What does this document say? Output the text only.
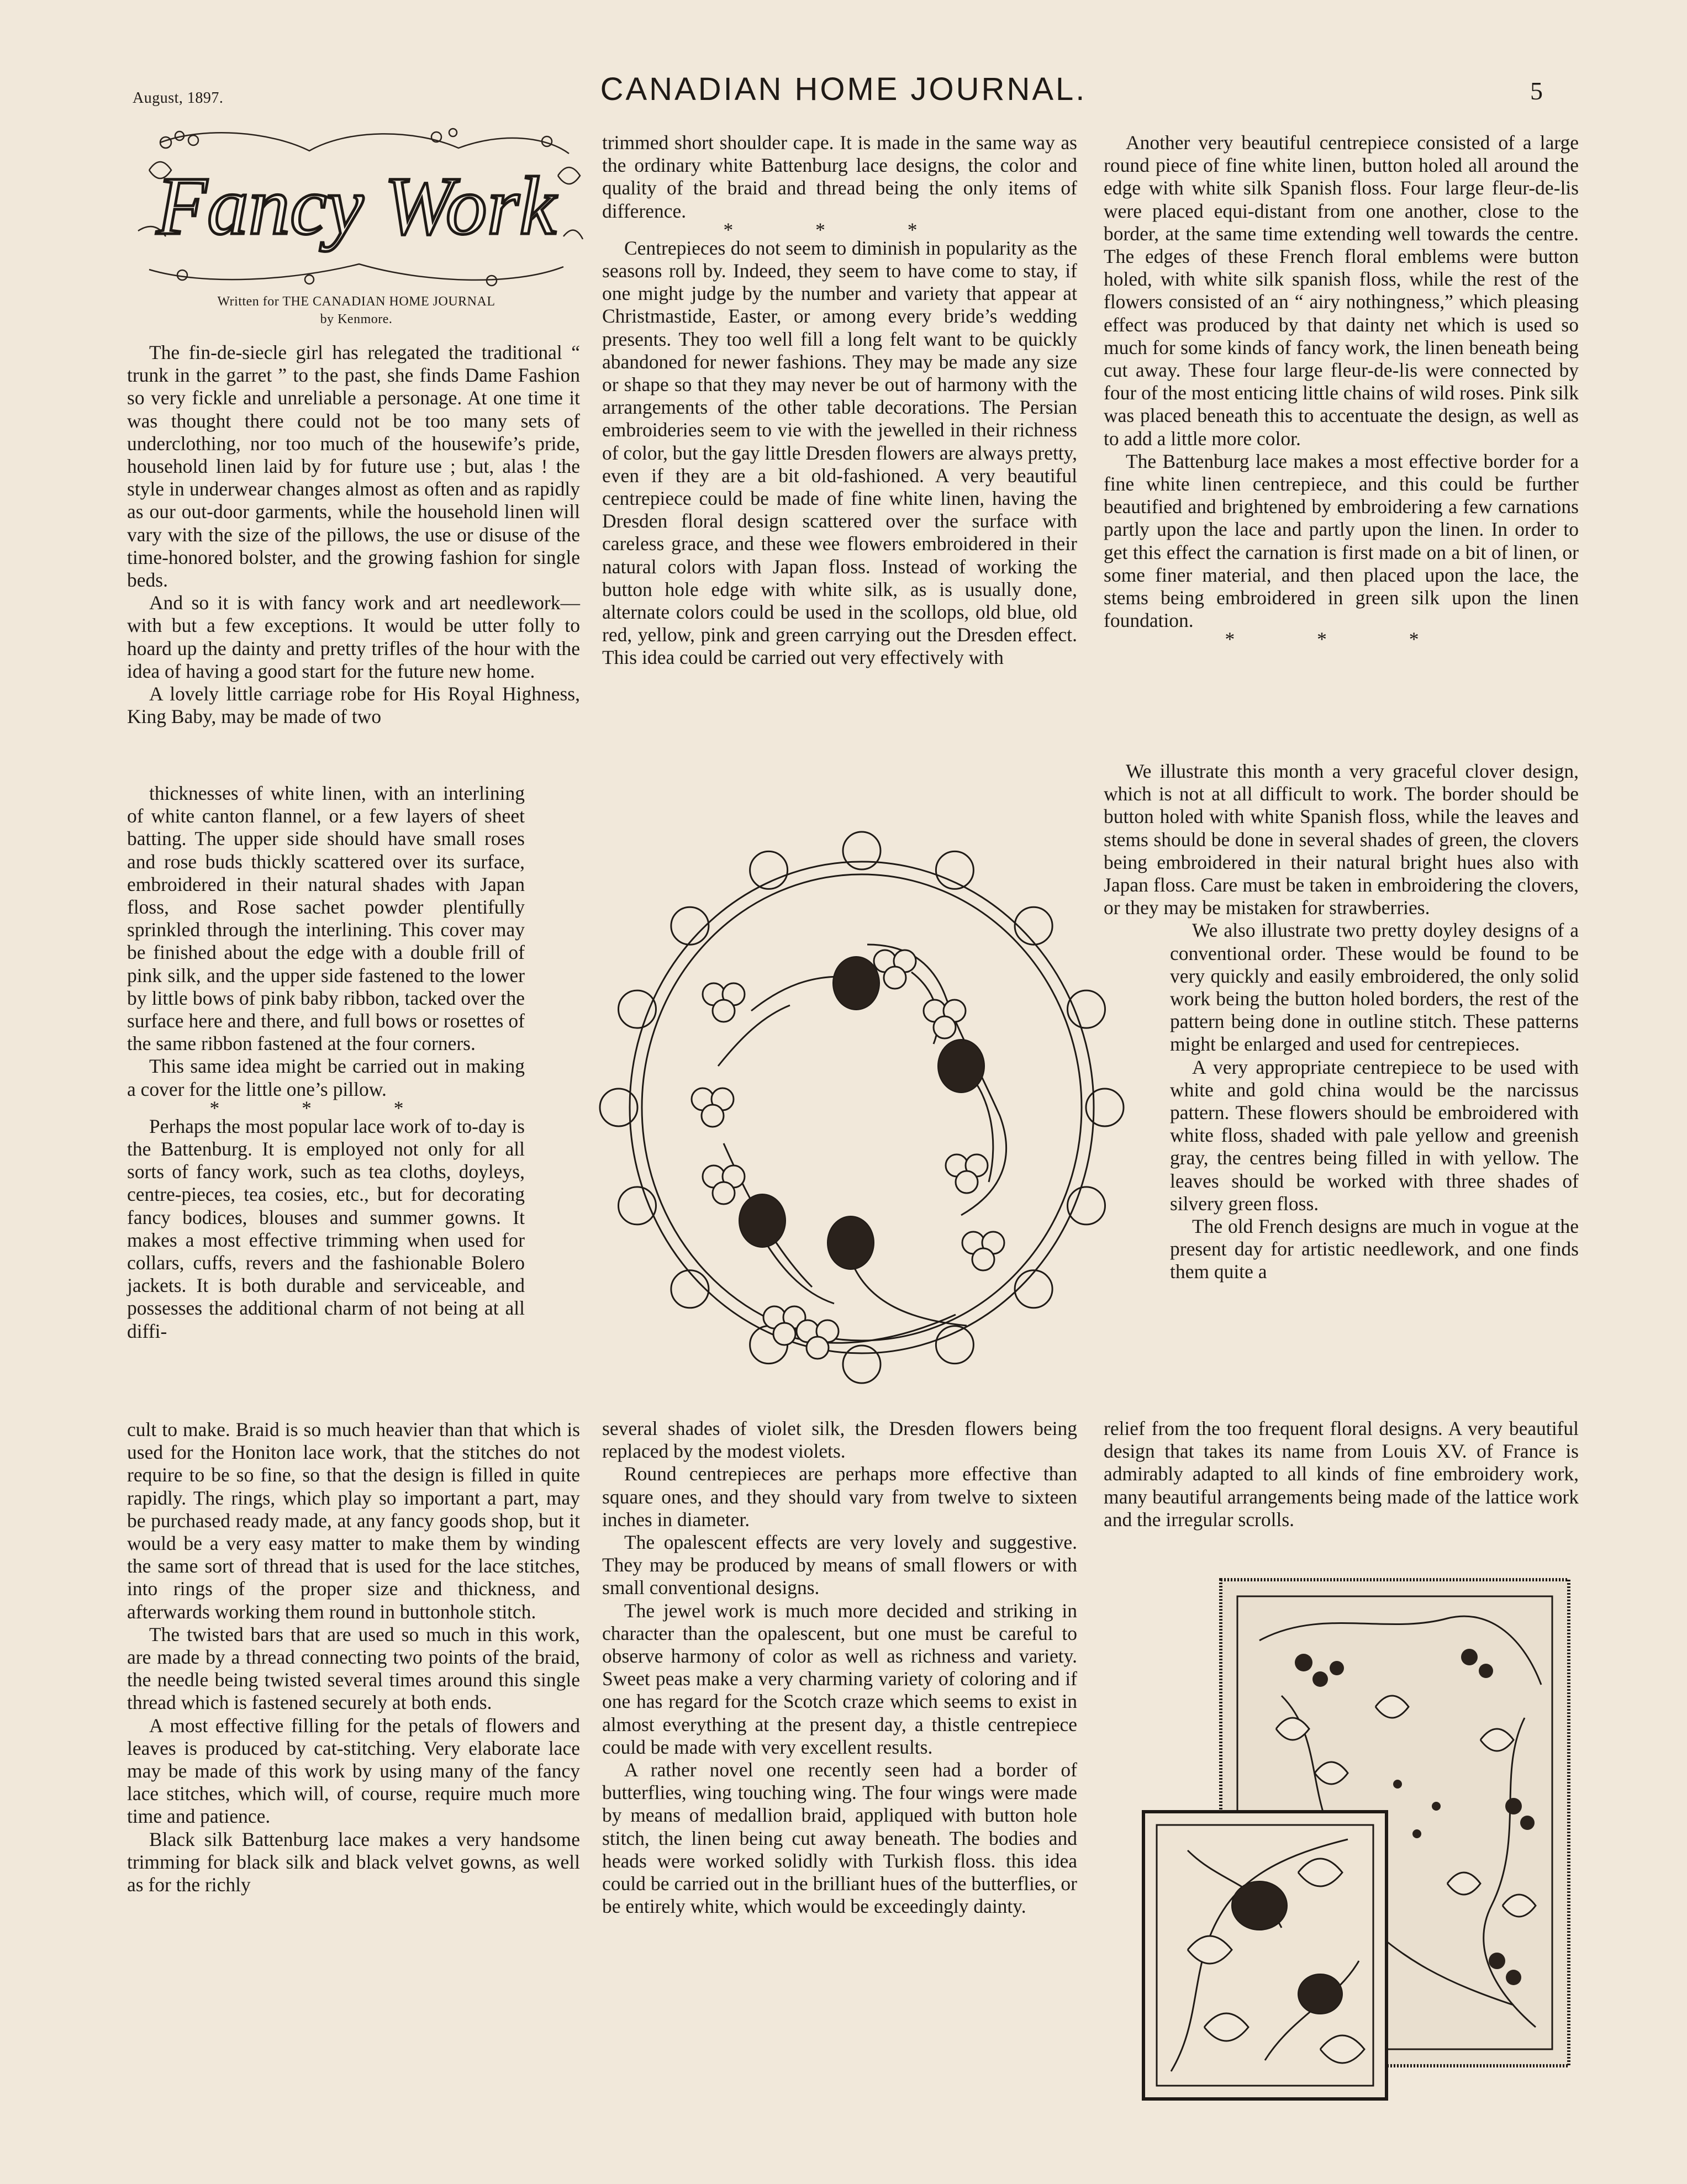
August, 1897.	CANADIAN HOME JOURNAL.	5
Fancy Work
Written for THE CANADIAN HOME JOURNAL
by Kenmore.

The fin-de-siecle girl has relegated the traditional “ trunk in the garret ” to the past, she finds Dame Fashion so very fickle and unreliable a personage. At one time it was thought there could not be too many sets of underclothing, nor too much of the housewife’s pride, household linen laid by for future use ; but, alas ! the style in underwear changes almost as often and as rapidly as our out-door garments, while the household linen will vary with the size of the pillows, the use or disuse of the time-honored bolster, and the growing fashion for single beds.

And so it is with fancy work and art needlework—with but a few exceptions. It would be utter folly to hoard up the dainty and pretty trifles of the hour with the idea of having a good start for the future new home.

A lovely little carriage robe for His Royal Highness, King Baby, may be made of two

thicknesses of white linen, with an interlining of white canton flannel, or a few layers of sheet batting. The upper side should have small roses and rose buds thickly scattered over its surface, embroidered in their natural shades with Japan floss, and Rose sachet powder plentifully sprinkled through the interlining. This cover may be finished about the edge with a double frill of pink silk, and the upper side fastened to the lower by little bows of pink baby ribbon, tacked over the surface here and there, and full bows or rosettes of the same ribbon fastened at the four corners.

This same idea might be carried out in making a cover for the little one’s pillow.

* * *

Perhaps the most popular lace work of to-day is the Battenburg. It is employed not only for all sorts of fancy work, such as tea cloths, doyleys, centre-pieces, tea cosies, etc., but for decorating fancy bodices, blouses and summer gowns. It makes a most effective trimming when used for collars, cuffs, revers and the fashionable Bolero jackets. It is both durable and serviceable, and possesses the additional charm of not being at all diffi-

cult to make. Braid is so much heavier than that which is used for the Honiton lace work, that the stitches do not require to be so fine, so that the design is filled in quite rapidly. The rings, which play so important a part, may be purchased ready made, at any fancy goods shop, but it would be a very easy matter to make them by winding the same sort of thread that is used for the lace stitches, into rings of the proper size and thickness, and afterwards working them round in buttonhole stitch.

The twisted bars that are used so much in this work, are made by a thread connecting two points of the braid, the needle being twisted several times around this single thread which is fastened securely at both ends.

A most effective filling for the petals of flowers and leaves is produced by cat-stitching. Very elaborate lace may be made of this work by using many of the fancy lace stitches, which will, of course, require much more time and patience.

Black silk Battenburg lace makes a very handsome trimming for black silk and black velvet gowns, as well as for the richly

trimmed short shoulder cape. It is made in the same way as the ordinary white Battenburg lace designs, the color and quality of the braid and thread being the only items of difference.

* * *

Centrepieces do not seem to diminish in popularity as the seasons roll by. Indeed, they seem to have come to stay, if one might judge by the number and variety that appear at Christmastide, Easter, or among every bride’s wedding presents. They too well fill a long felt want to be quickly abandoned for newer fashions. They may be made any size or shape so that they may never be out of harmony with the arrangements of the other table decorations. The Persian embroideries seem to vie with the jewelled in their richness of color, but the gay little Dresden flowers are always pretty, even if they are a bit old-fashioned. A very beautiful centrepiece could be made of fine white linen, having the Dresden floral design scattered over the surface with careless grace, and these wee flowers embroidered in their natural colors with Japan floss. Instead of working the button hole edge with white silk, as is usually done, alternate colors could be used in the scollops, old blue, old red, yellow, pink and green carrying out the Dresden effect. This idea could be carried out very effectively with

several shades of violet silk, the Dresden flowers being replaced by the modest violets.

Round centrepieces are perhaps more effective than square ones, and they should vary from twelve to sixteen inches in diameter.

The opalescent effects are very lovely and suggestive. They may be produced by means of small flowers or with small conventional designs.

The jewel work is much more decided and striking in character than the opalescent, but one must be careful to observe harmony of color as well as richness and variety. Sweet peas make a very charming variety of coloring and if one has regard for the Scotch craze which seems to exist in almost everything at the present day, a thistle centrepiece could be made with very excellent results.

A rather novel one recently seen had a border of butterflies, wing touching wing. The four wings were made by means of medallion braid, appliqued with button hole stitch, the linen being cut away beneath. The bodies and heads were worked solidly with Turkish floss. this idea could be carried out in the brilliant hues of the butterflies, or be entirely white, which would be exceedingly dainty.

Another very beautiful centrepiece consisted of a large round piece of fine white linen, button holed all around the edge with white silk Spanish floss. Four large fleur-de-lis were placed equi-distant from one another, close to the border, at the same time extending well towards the centre. The edges of these French floral emblems were button holed, with white silk spanish floss, while the rest of the flowers consisted of an “ airy nothingness,” which pleasing effect was produced by that dainty net which is used so much for some kinds of fancy work, the linen beneath being cut away. These four large fleur-de-lis were connected by four of the most enticing little chains of wild roses. Pink silk was placed beneath this to accentuate the design, as well as to add a little more color.

The Battenburg lace makes a most effective border for a fine white linen centrepiece, and this could be further beautified and brightened by embroidering a few carnations partly upon the lace and partly upon the linen. In order to get this effect the carnation is first made on a bit of linen, or some finer material, and then placed upon the lace, the stems being embroidered in green silk upon the linen foundation.

* * *

We illustrate this month a very graceful clover design, which is not at all difficult to work. The border should be button holed with white Spanish floss, while the leaves and stems should be done in several shades of green, the clovers being embroidered in their natural bright hues also with Japan floss. Care must be taken in embroidering the clovers, or they may be mistaken for strawberries.

We also illustrate two pretty doyley designs of a conventional order. These would be found to be very quickly and easily embroidered, the only solid work being the button holed borders, the rest of the pattern being done in outline stitch. These patterns might be enlarged and used for centrepieces.

A very appropriate centrepiece to be used with white and gold china would be the narcissus pattern. These flowers should be embroidered with white floss, shaded with pale yellow and greenish gray, the centres being filled in with yellow. The leaves should be worked with three shades of silvery green floss.

The old French designs are much in vogue at the present day for artistic needlework, and one finds them quite a

relief from the too frequent floral designs. A very beautiful design that takes its name from Louis XV. of France is admirably adapted to all kinds of fine embroidery work, many beautiful arrangements being made of the lattice work and the irregular scrolls.
